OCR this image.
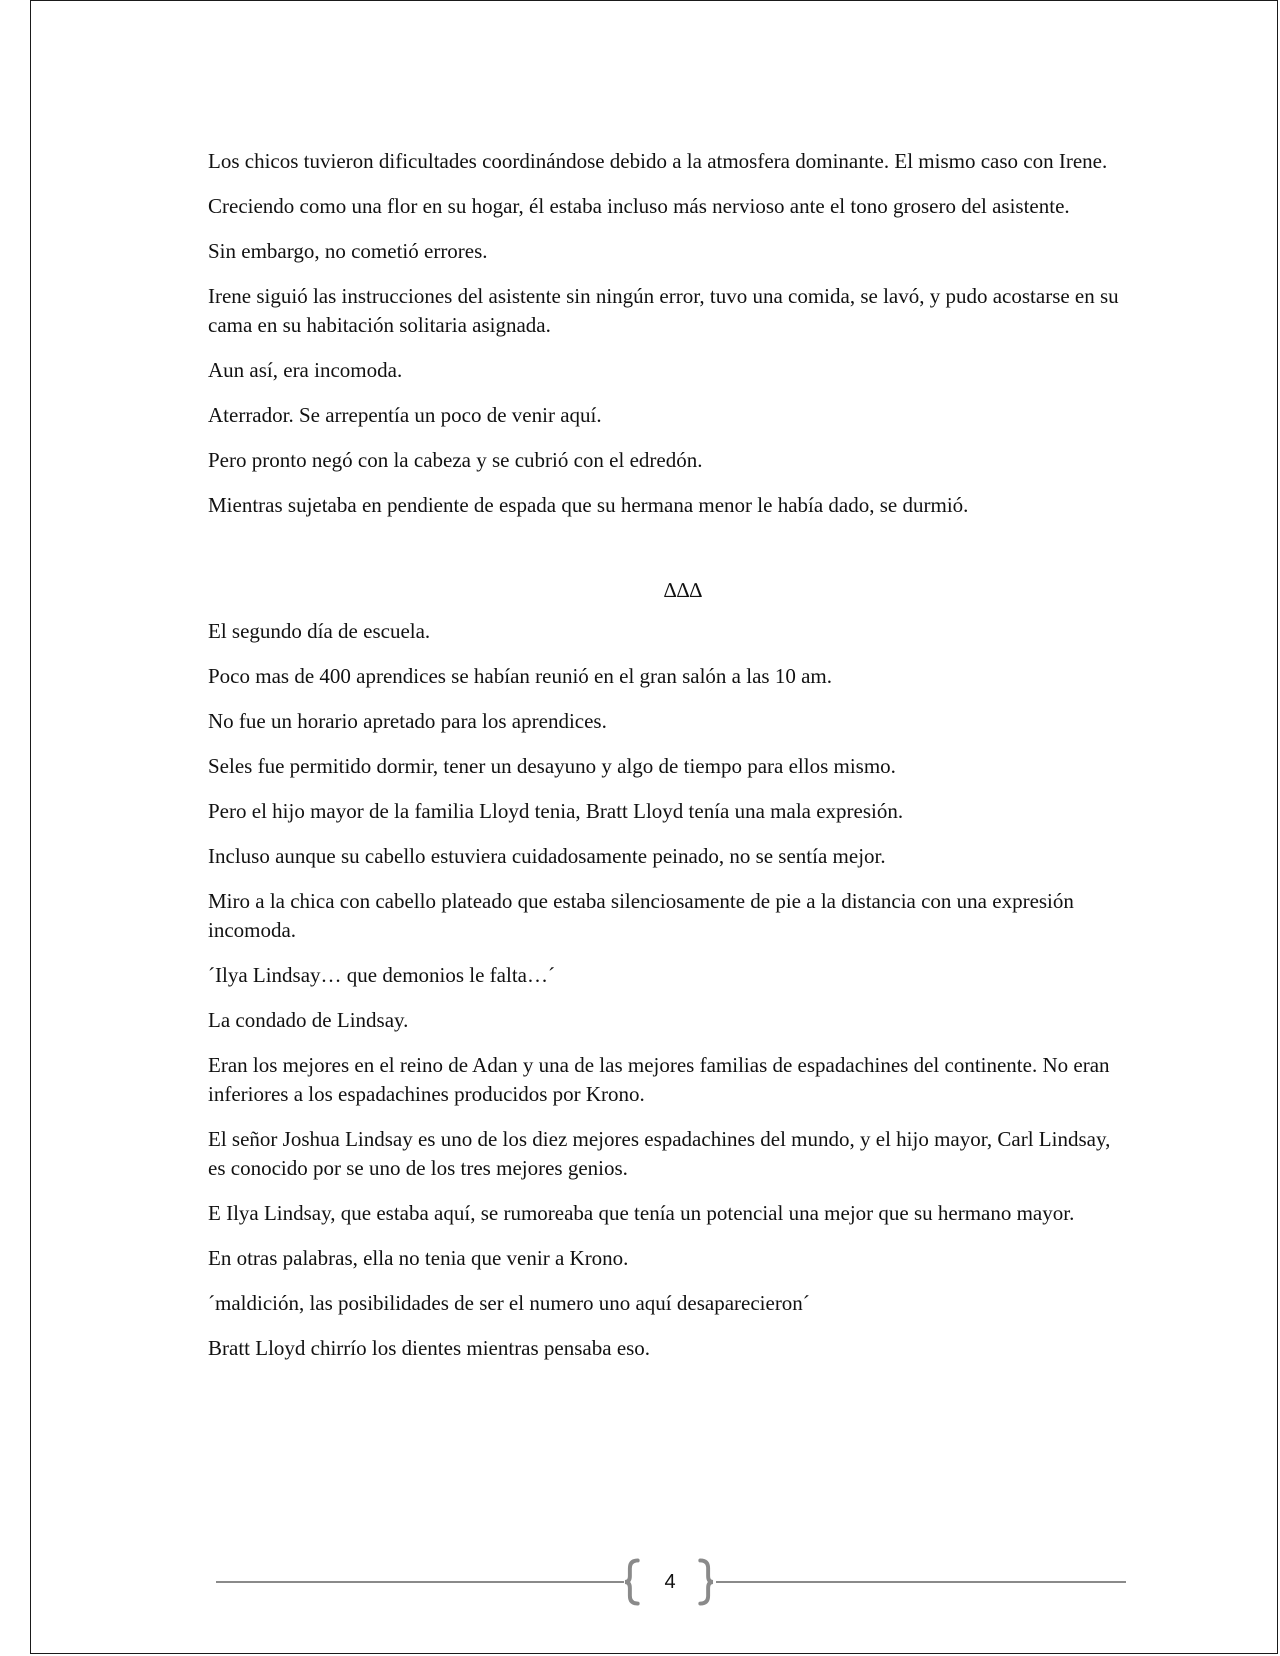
Los chicos tuvieron dificultades coordinándose debido a la atmosfera dominante. El mismo caso con Irene.

Creciendo como una flor en su hogar, él estaba incluso más nervioso ante el tono grosero del asistente.

Sin embargo, no cometió errores.

Irene siguió las instrucciones del asistente sin ningún error, tuvo una comida, se lavó, y pudo acostarse en su cama en su habitación solitaria asignada.

Aun así, era incomoda.

Aterrador. Se arrepentía un poco de venir aquí.

Pero pronto negó con la cabeza y se cubrió con el edredón.

Mientras sujetaba en pendiente de espada que su hermana menor le había dado, se durmió.

∆∆∆

El segundo día de escuela.

Poco mas de 400 aprendices se habían reunió en el gran salón a las 10 am.

No fue un horario apretado para los aprendices.

Seles fue permitido dormir, tener un desayuno y algo de tiempo para ellos mismo.

Pero el hijo mayor de la familia Lloyd tenia, Bratt Lloyd tenía una mala expresión.

Incluso aunque su cabello estuviera cuidadosamente peinado, no se sentía mejor.

Miro a la chica con cabello plateado que estaba silenciosamente de pie a la distancia con una expresión incomoda.

´Ilya Lindsay… que demonios le falta…´

La condado de Lindsay.

Eran los mejores en el reino de Adan y una de las mejores familias de espadachines del continente. No eran inferiores a los espadachines producidos por Krono.

El señor Joshua Lindsay es uno de los diez mejores espadachines del mundo, y el hijo mayor, Carl Lindsay, es conocido por se uno de los tres mejores genios.

E Ilya Lindsay, que estaba aquí, se rumoreaba que tenía un potencial una mejor que su hermano mayor.

En otras palabras, ella no tenia que venir a Krono.

´maldición, las posibilidades de ser el numero uno aquí desaparecieron´

Bratt Lloyd chirrío los dientes mientras pensaba eso.

4
